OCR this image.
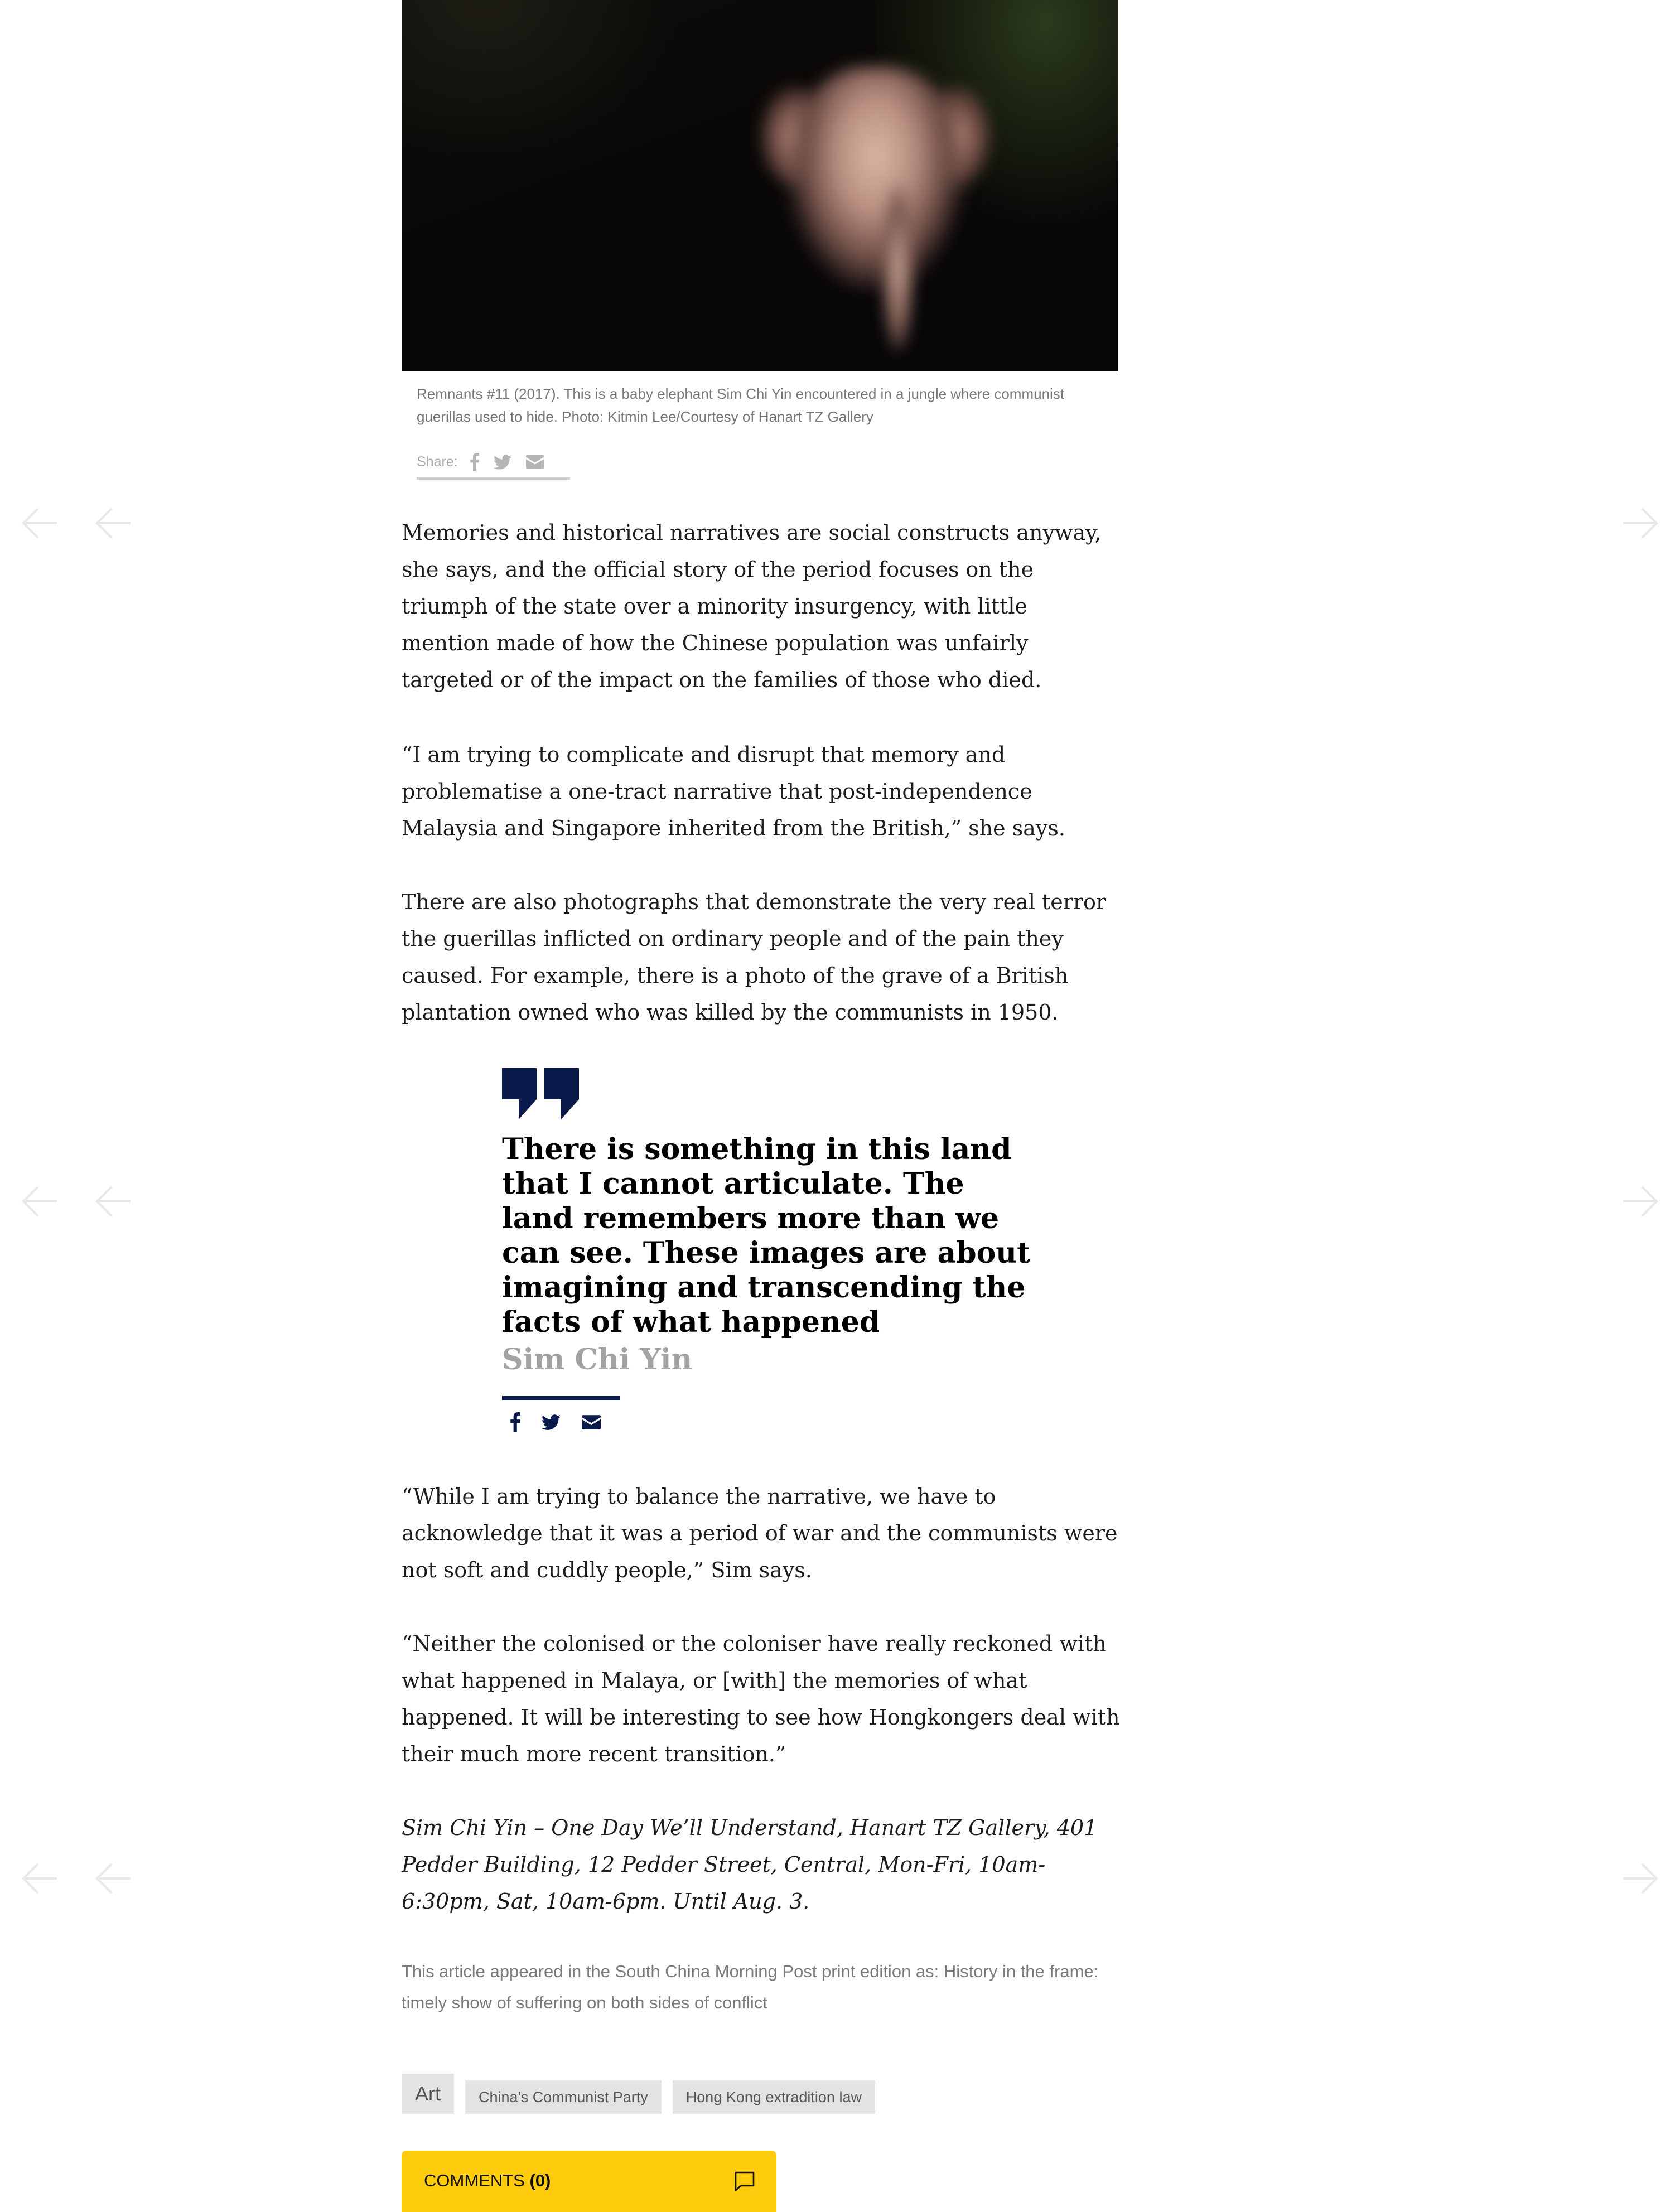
Remnants #11 (2017). This is a baby elephant Sim Chi Yin encountered in a jungle where communist guerillas used to hide. Photo: Kitmin Lee/Courtesy of Hanart TZ Gallery

Share:

Memories and historical narratives are social constructs anyway, she says, and the official story of the period focuses on the triumph of the state over a minority insurgency, with little mention made of how the Chinese population was unfairly targeted or of the impact on the families of those who died.

“I am trying to complicate and disrupt that memory and problematise a one-tract narrative that post-independence Malaysia and Singapore inherited from the British,” she says.

There are also photographs that demonstrate the very real terror the guerillas inflicted on ordinary people and of the pain they caused. For example, there is a photo of the grave of a British plantation owned who was killed by the communists in 1950.

There is something in this land that I cannot articulate. The land remembers more than we can see. These images are about imagining and transcending the facts of what happened

Sim Chi Yin

“While I am trying to balance the narrative, we have to acknowledge that it was a period of war and the communists were not soft and cuddly people,” Sim says.

“Neither the colonised or the coloniser have really reckoned with what happened in Malaya, or [with] the memories of what happened. It will be interesting to see how Hongkongers deal with their much more recent transition.”

Sim Chi Yin – One Day We’ll Understand, Hanart TZ Gallery, 401 Pedder Building, 12 Pedder Street, Central, Mon-Fri, 10am-6:30pm, Sat, 10am-6pm. Until Aug. 3.

This article appeared in the South China Morning Post print edition as: History in the frame: timely show of suffering on both sides of conflict

Art	China's Communist Party	Hong Kong extradition law
COMMENTS (0)
